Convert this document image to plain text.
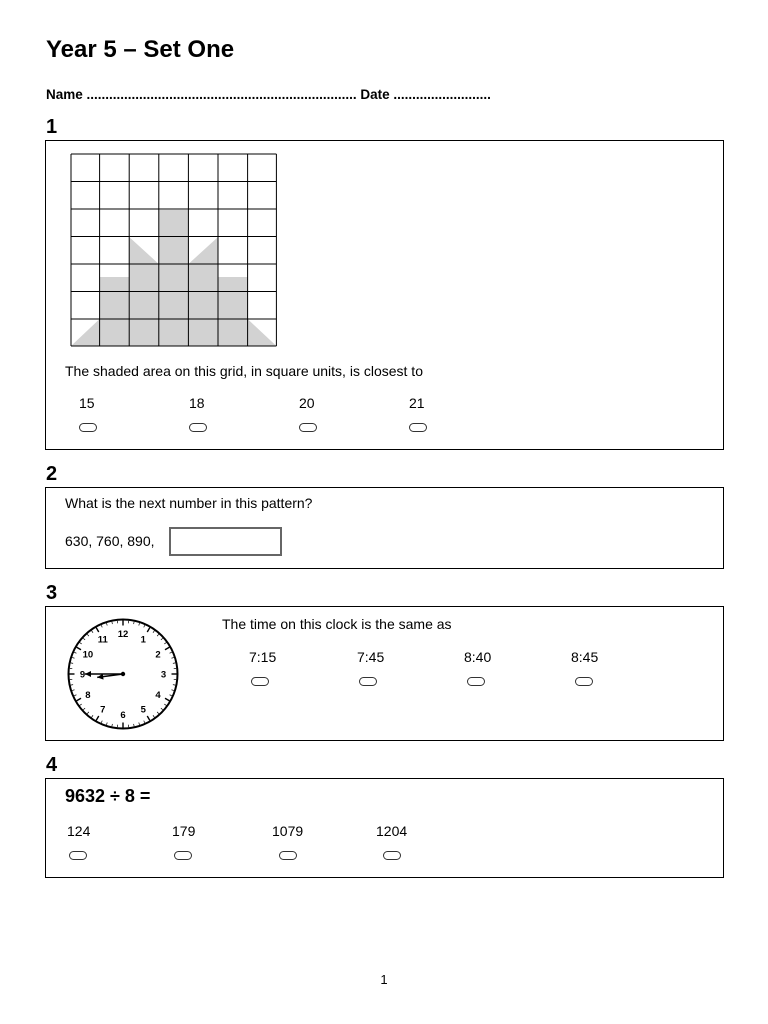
Year 5 – Set One
Name ........................................................................ Date ..........................
1
The shaded area on this grid, in square units, is closest to
15	18	20	21
2
What is the next number in this pattern?
630, 760, 890,
3
12 1
2
3
4
5
6
7
8
9
10
11
The time on this clock is the same as
7:15	7:45	8:40	8:45
4
9632 ÷ 8 =
124	179	1079	1204
1
